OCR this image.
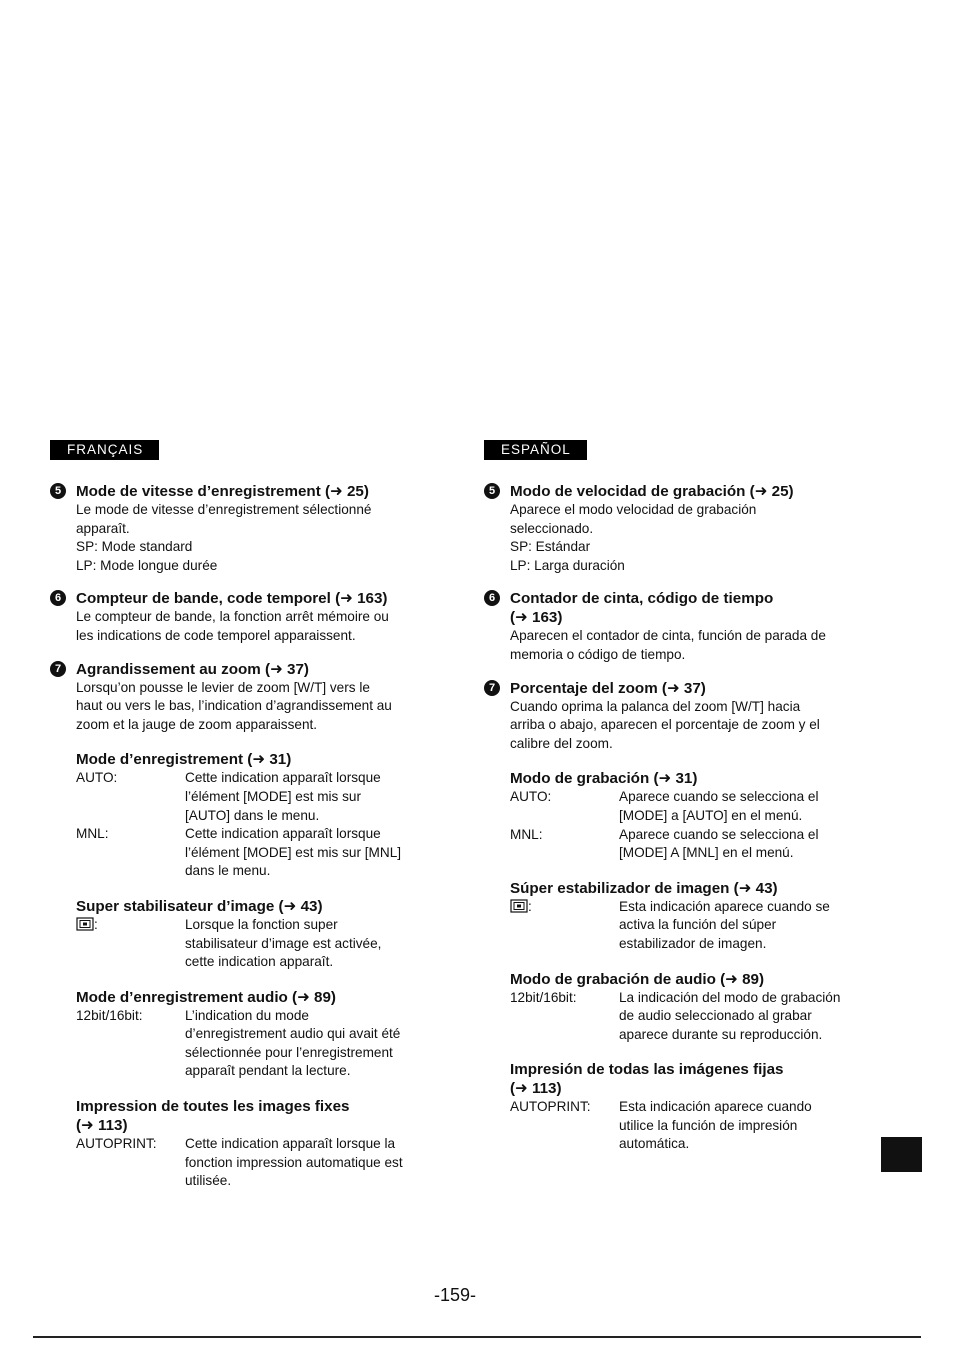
FRANÇAIS
5 Mode de vitesse d’enregistrement (➜ 25)
Le mode de vitesse d’enregistrement sélectionné
apparaît.
SP: Mode standard
LP: Mode longue durée
6 Compteur de bande, code temporel (➜ 163)
Le compteur de bande, la fonction arrêt mémoire ou
les indications de code temporel apparaissent.
7 Agrandissement au zoom (➜ 37)
Lorsqu’on pousse le levier de zoom [W/T] vers le
haut ou vers le bas, l’indication d’agrandissement au
zoom et la jauge de zoom apparaissent.
Mode d’enregistrement (➜ 31)
AUTO:	Cette indication apparaît lorsque
l’élément [MODE] est mis sur
[AUTO] dans le menu.
MNL:	Cette indication apparaît lorsque
l’élément [MODE] est mis sur [MNL]
dans le menu.
Super stabilisateur d’image (➜ 43)
:	Lorsque la fonction super
stabilisateur d’image est activée,
cette indication apparaît.
Mode d’enregistrement audio (➜ 89)
12bit/16bit:	L’indication du mode
d’enregistrement audio qui avait été
sélectionnée pour l’enregistrement
apparaît pendant la lecture.
Impression de toutes les images fixes
(➜ 113)
AUTOPRINT:	Cette indication apparaît lorsque la
fonction impression automatique est
utilisée.
ESPAÑOL
5 Modo de velocidad de grabación (➜ 25)
Aparece el modo velocidad de grabación
seleccionado.
SP: Estándar
LP: Larga duración
6 Contador de cinta, código de tiempo
(➜ 163)
Aparecen el contador de cinta, función de parada de
memoria o código de tiempo.
7 Porcentaje del zoom (➜ 37)
Cuando oprima la palanca del zoom [W/T] hacia
arriba o abajo, aparecen el porcentaje de zoom y el
calibre del zoom.
Modo de grabación (➜ 31)
AUTO:	Aparece cuando se selecciona el
[MODE] a [AUTO] en el menú.
MNL:	Aparece cuando se selecciona el
[MODE] A [MNL] en el menú.
Súper estabilizador de imagen (➜ 43)
:	Esta indicación aparece cuando se
activa la función del súper
estabilizador de imagen.
Modo de grabación de audio (➜ 89)
12bit/16bit:	La indicación del modo de grabación
de audio seleccionado al grabar
aparece durante su reproducción.
Impresión de todas las imágenes fijas
(➜ 113)
AUTOPRINT:	Esta indicación aparece cuando
utilice la función de impresión
automática.
-159-
